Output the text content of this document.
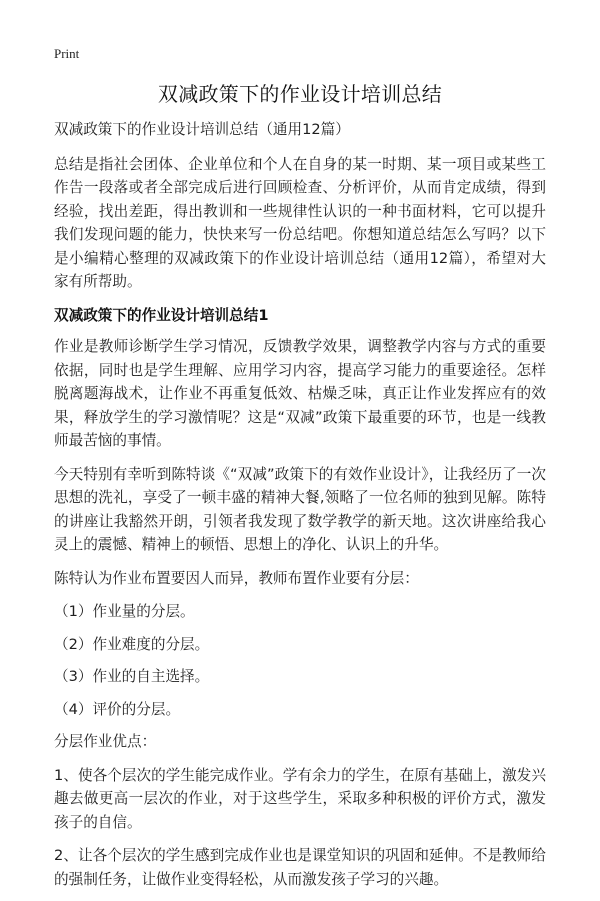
Print
双减政策下的作业设计培训总结

双减政策下的作业设计培训总结（通用12篇）

总结是指社会团体、企业单位和个人在自身的某一时期、某一项目或某些工作告一段落或者全部完成后进行回顾检查、分析评价，从而肯定成绩，得到经验，找出差距，得出教训和一些规律性认识的一种书面材料，它可以提升我们发现问题的能力，快快来写一份总结吧。你想知道总结怎么写吗？以下是小编精心整理的双减政策下的作业设计培训总结（通用12篇），希望对大家有所帮助。

双减政策下的作业设计培训总结1

作业是教师诊断学生学习情况，反馈教学效果，调整教学内容与方式的重要依据，同时也是学生理解、应用学习内容，提高学习能力的重要途径。怎样脱离题海战术，让作业不再重复低效、枯燥乏味，真正让作业发挥应有的效果，释放学生的学习激情呢？这是“双减”政策下最重要的环节，也是一线教师最苦恼的事情。

今天特别有幸听到陈特谈《“双减”政策下的有效作业设计》，让我经历了一次思想的洗礼，享受了一顿丰盛的精神大餐,领略了一位名师的独到见解。陈特的讲座让我豁然开朗，引领者我发现了数学教学的新天地。这次讲座给我心灵上的震憾、精神上的顿悟、思想上的净化、认识上的升华。

陈特认为作业布置要因人而异，教师布置作业要有分层：

（1）作业量的分层。

（2）作业难度的分层。

（3）作业的自主选择。

（4）评价的分层。

分层作业优点：

1、使各个层次的学生能完成作业。学有余力的学生，在原有基础上，激发兴趣去做更高一层次的作业，对于这些学生，采取多种积极的评价方式，激发孩子的自信。

2、让各个层次的学生感到完成作业也是课堂知识的巩固和延伸。不是教师给的强制任务，让做作业变得轻松，从而激发孩子学习的兴趣。
